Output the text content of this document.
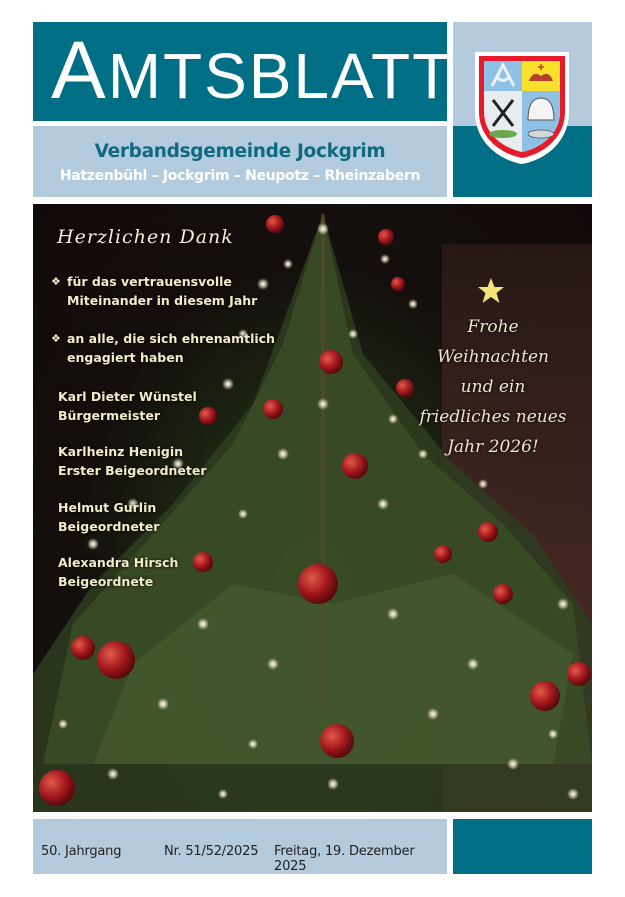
AMTSBLATT
Verbandsgemeinde Jockgrim
Hatzenbühl – Jockgrim – Neupotz – Rheinzabern
Herzlichen Dank
❖ für das vertrauensvolle
Miteinander in diesem Jahr
❖ an alle, die sich ehrenamtlich
engagiert haben
Karl Dieter Wünstel
Bürgermeister
Karlheinz Henigin
Erster Beigeordneter
Helmut Gurlin
Beigeordneter
Alexandra Hirsch
Beigeordnete
Frohe
Weihnachten
und ein
friedliches neues
Jahr 2026!
50. Jahrgang	Nr. 51/52/2025 Freitag, 19. Dezember 2025
